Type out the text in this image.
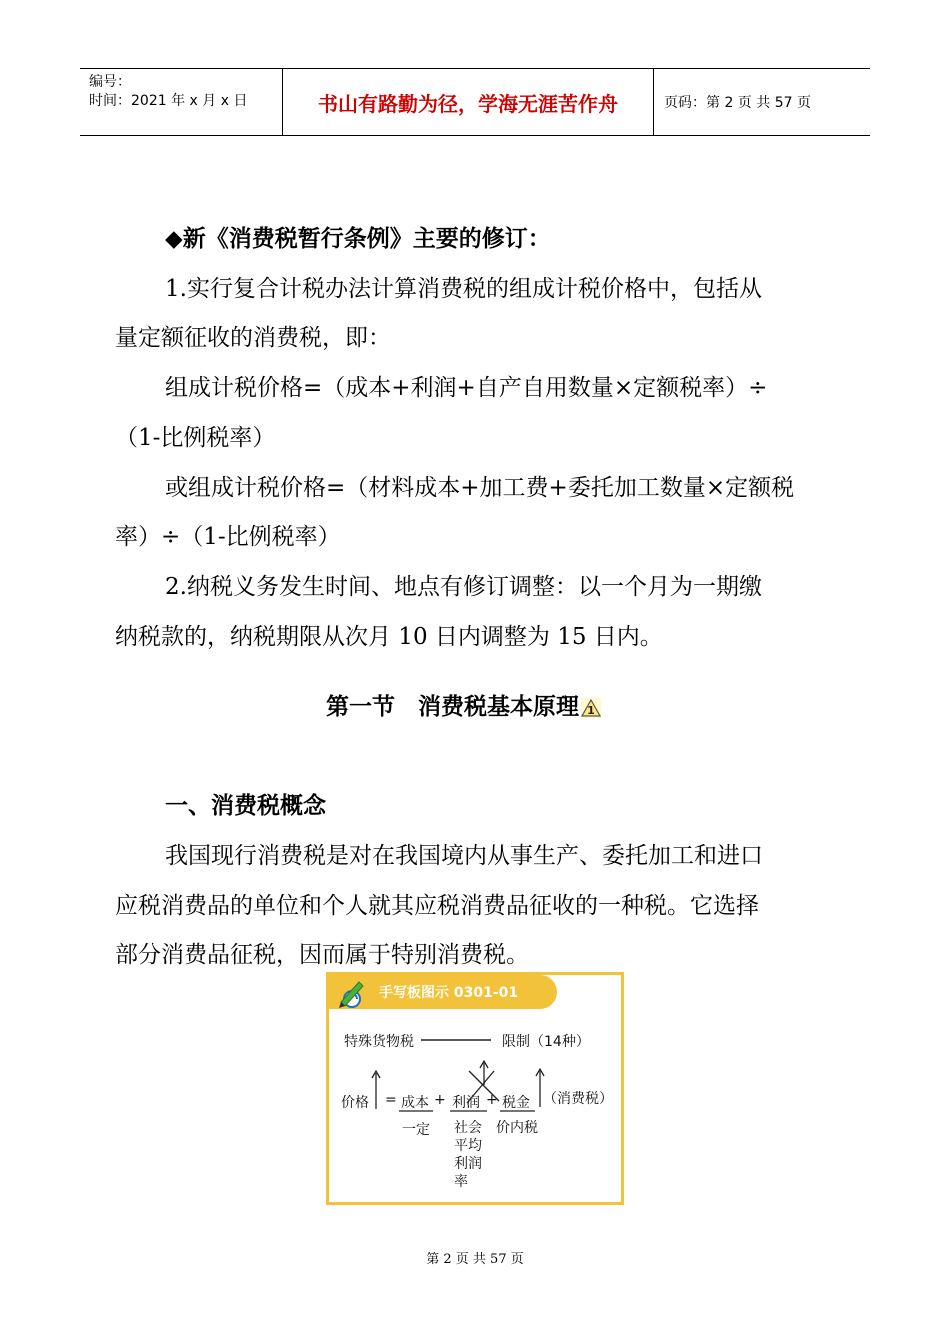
编号：
时间：2021 年 x 月 x 日	书山有路勤为径，学海无涯苦作舟	页码：第 2 页 共 57 页
◆新《消费税暂行条例》主要的修订：
1.实行复合计税办法计算消费税的组成计税价格中，包括从
量定额征收的消费税，即：
组成计税价格=（成本+利润+自产自用数量×定额税率）÷
（1-比例税率）
或组成计税价格=（材料成本+加工费+委托加工数量×定额税
率）÷（1-比例税率）
2.纳税义务发生时间、地点有修订调整：以一个月为一期缴
纳税款的，纳税期限从次月 10 日内调整为 15 日内。
第一节　消费税基本原理 1
一、消费税概念
我国现行消费税是对在我国境内从事生产、委托加工和进口
应税消费品的单位和个人就其应税消费品征收的一种税。它选择
部分消费品征税，因而属于特别消费税。
手写板图示 0301-01
特殊货物税	限制（14种）
价格 = 成本 + 利润 + 税金 （消费税）
一定 社会
平均
利润
率
价内税
第 2 页 共 57 页
